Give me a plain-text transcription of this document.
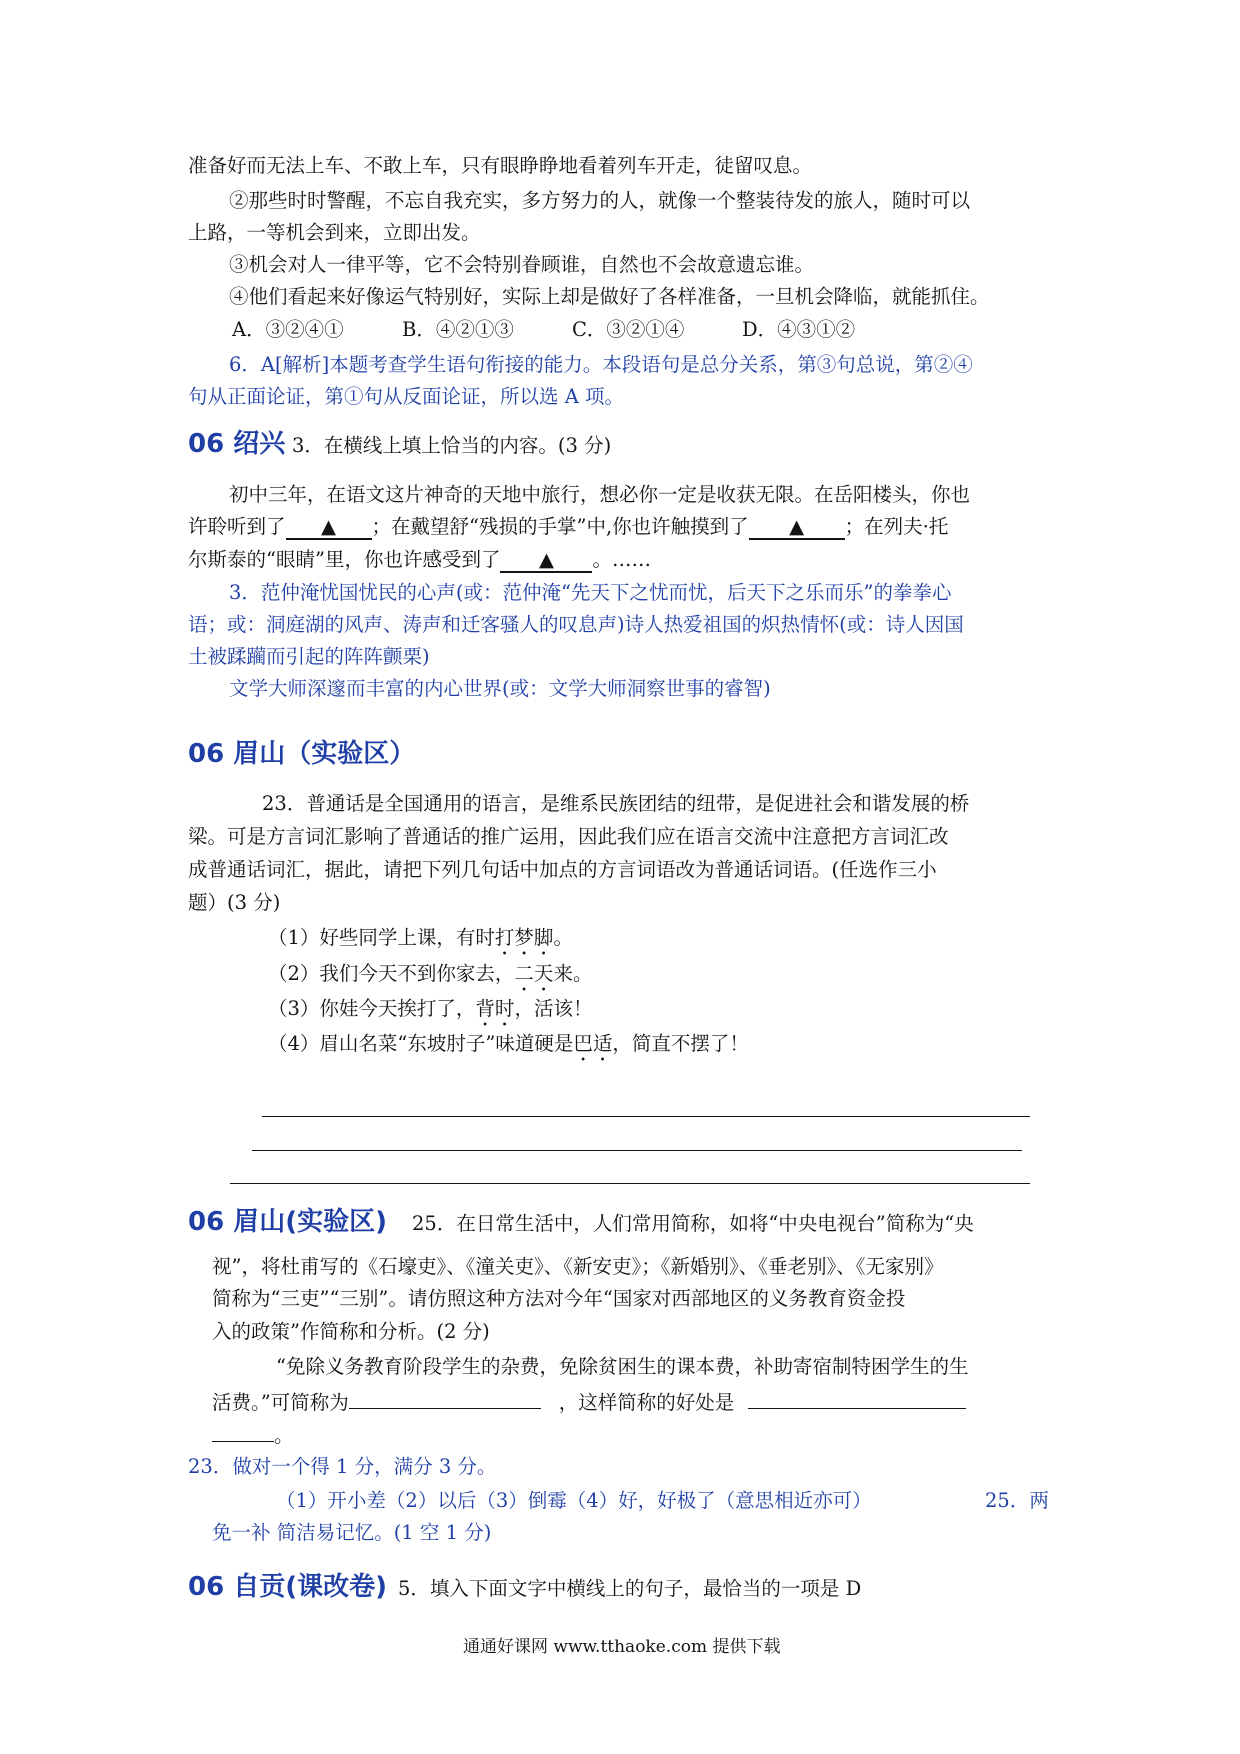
准备好而无法上车、不敢上车，只有眼睁睁地看着列车开走，徒留叹息。
②那些时时警醒，不忘自我充实，多方努力的人，就像一个整装待发的旅人，随时可以
上路，一等机会到来，立即出发。
③机会对人一律平等，它不会特别眷顾谁，自然也不会故意遗忘谁。
④他们看起来好像运气特别好，实际上却是做好了各样准备，一旦机会降临，就能抓住。
A．③②④①	B．④②①③	C．③②①④	D．④③①②
6．A[解析]本题考查学生语句衔接的能力。本段语句是总分关系，第③句总说，第②④
句从正面论证，第①句从反面论证，所以选 A 项。
06 绍兴 3．在横线上填上恰当的内容。(3 分)
初中三年，在语文这片神奇的天地中旅行，想必你一定是收获无限。在岳阳楼头，你也
许聆听到了 ▲ ；在戴望舒“残损的手掌”中,你也许触摸到了 ▲ ；在列夫·托
尔斯泰的“眼睛”里，你也许感受到了 ▲ 。……
3．范仲淹忧国忧民的心声(或：范仲淹“先天下之忧而忧，后天下之乐而乐”的拳拳心
语；或：洞庭湖的风声、涛声和迁客骚人的叹息声)诗人热爱祖国的炽热情怀(或：诗人因国
土被蹂躏而引起的阵阵颤栗)
文学大师深邃而丰富的内心世界(或：文学大师洞察世事的睿智)
06 眉山（实验区）
23．普通话是全国通用的语言，是维系民族团结的纽带，是促进社会和谐发展的桥
梁。可是方言词汇影响了普通话的推广运用，因此我们应在语言交流中注意把方言词汇改
成普通话词汇，据此，请把下列几句话中加点的方言词语改为普通话词语。(任选作三小
题）(3 分)
（1）好些同学上课，有时打梦脚。
（2）我们今天不到你家去，二天来。
（3）你娃今天挨打了，背时，活该！
（4）眉山名菜“东坡肘子”味道硬是巴适，简直不摆了！
06 眉山(实验区) 25．在日常生活中，人们常用简称，如将“中央电视台”简称为“央
视”，将杜甫写的《石壕吏》、《潼关吏》、《新安吏》；《新婚别》、《垂老别》、《无家别》
简称为“三吏”“三别”。请仿照这种方法对今年“国家对西部地区的义务教育资金投
入的政策”作简称和分析。(2 分)
“免除义务教育阶段学生的杂费，免除贫困生的课本费，补助寄宿制特困学生的生
活费。”可简称为	，这样简称的好处是
。
23．做对一个得 1 分，满分 3 分。
（1）开小差（2）以后（3）倒霉（4）好，好极了（意思相近亦可）	25．两
免一补 简洁易记忆。(1 空 1 分)
06 自贡(课改卷) 5．填入下面文字中横线上的句子，最恰当的一项是 D
通通好课网 www.tthaoke.com 提供下载
